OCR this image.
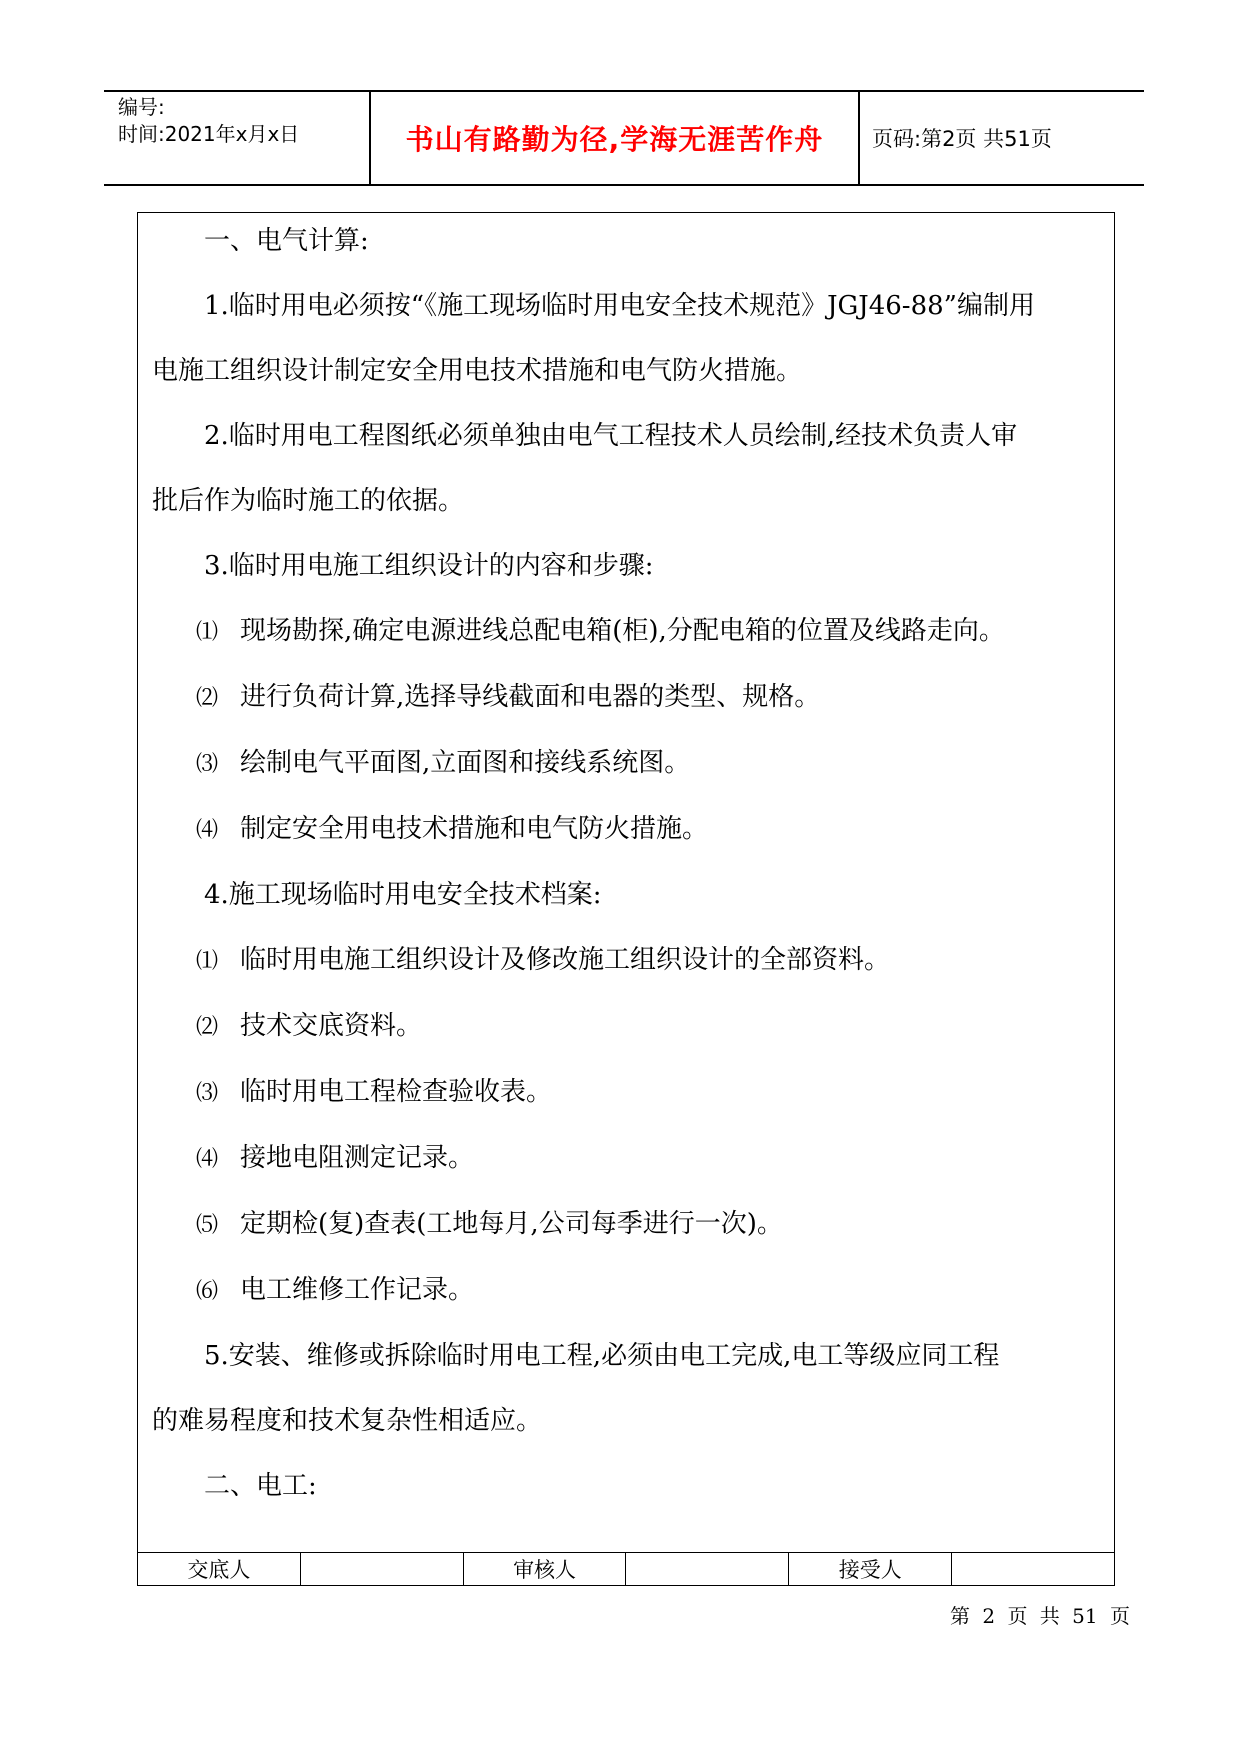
编号:
时间:2021年x月x日	书山有路勤为径,学海无涯苦作舟	页码:第2页 共51页
一、电气计算:
1.临时用电必须按“《施工现场临时用电安全技术规范》JGJ46-88”编制用
电施工组织设计制定安全用电技术措施和电气防火措施。
2.临时用电工程图纸必须单独由电气工程技术人员绘制,经技术负责人审
批后作为临时施工的依据。
3.临时用电施工组织设计的内容和步骤:
⑴ 现场勘探,确定电源进线总配电箱(柜),分配电箱的位置及线路走向。
⑵ 进行负荷计算,选择导线截面和电器的类型、规格。
⑶ 绘制电气平面图,立面图和接线系统图。
⑷ 制定安全用电技术措施和电气防火措施。
4.施工现场临时用电安全技术档案:
⑴ 临时用电施工组织设计及修改施工组织设计的全部资料。
⑵ 技术交底资料。
⑶ 临时用电工程检查验收表。
⑷ 接地电阻测定记录。
⑸ 定期检(复)查表(工地每月,公司每季进行一次)。
⑹ 电工维修工作记录。
5.安装、维修或拆除临时用电工程,必须由电工完成,电工等级应同工程
的难易程度和技术复杂性相适应。
二、电工:
交底人	审核人	接受人
第 2 页 共 51 页
